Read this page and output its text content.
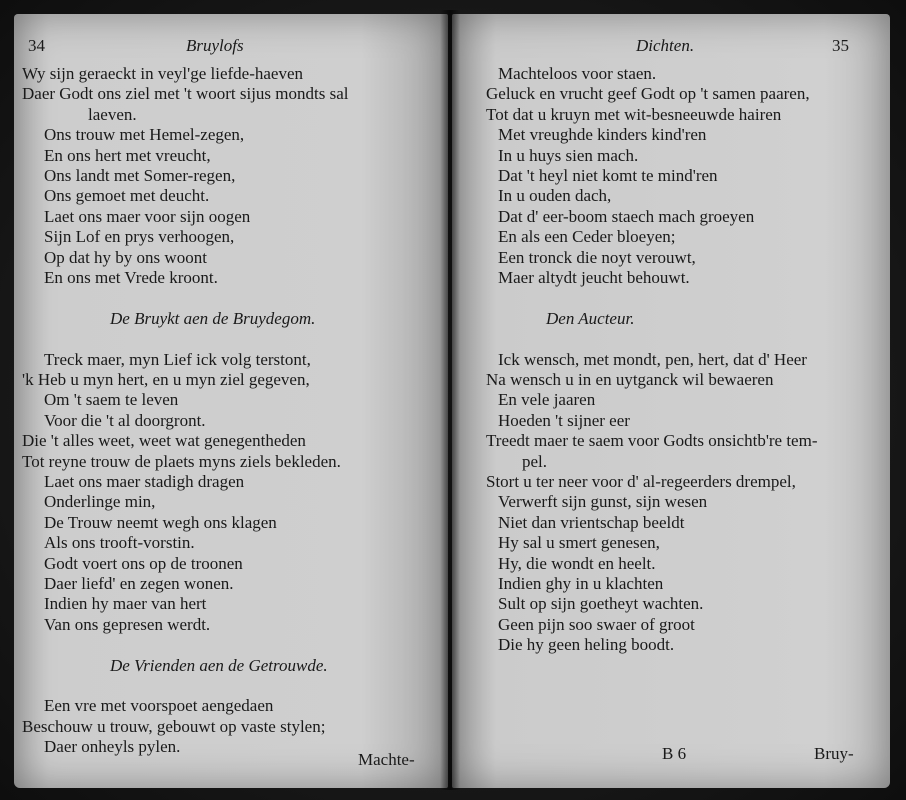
34	Bruylofs
Wy sijn geraeckt in veyl'ge liefde-haeven
Daer Godt ons ziel met 't woort sijus mondts sal
laeven.
Ons trouw met Hemel-zegen,
En ons hert met vreucht,
Ons landt met Somer-regen,
Ons gemoet met deucht.
Laet ons maer voor sijn oogen
Sijn Lof en prys verhoogen,
Op dat hy by ons woont
En ons met Vrede kroont.
De Bruykt aen de Bruydegom.
Treck maer, myn Lief ick volg terstont,
'k Heb u myn hert, en u myn ziel gegeven,
Om 't saem te leven
Voor die 't al doorgront.
Die 't alles weet, weet wat genegentheden
Tot reyne trouw de plaets myns ziels bekleden.
Laet ons maer stadigh dragen
Onderlinge min,
De Trouw neemt wegh ons klagen
Als ons trooft-vorstin.
Godt voert ons op de troonen
Daer liefd' en zegen wonen.
Indien hy maer van hert
Van ons gepresen werdt.
De Vrienden aen de Getrouwde.
Een vre met voorspoet aengedaen
Beschouw u trouw, gebouwt op vaste stylen;
Daer onheyls pylen.
Machte-
Dichten.	35
Machteloos voor staen.
Geluck en vrucht geef Godt op 't samen paaren,
Tot dat u kruyn met wit-besneeuwde hairen
Met vreughde kinders kind'ren
In u huys sien mach.
Dat 't heyl niet komt te mind'ren
In u ouden dach,
Dat d' eer-boom staech mach groeyen
En als een Ceder bloeyen;
Een tronck die noyt verouwt,
Maer altydt jeucht behouwt.
Den Aucteur.
Ick wensch, met mondt, pen, hert, dat d' Heer
Na wensch u in en uytganck wil bewaeren
En vele jaaren
Hoeden 't sijner eer
Treedt maer te saem voor Godts onsichtb're tem-
pel.
Stort u ter neer voor d' al-regeerders drempel,
Verwerft sijn gunst, sijn wesen
Niet dan vrientschap beeldt
Hy sal u smert genesen,
Hy, die wondt en heelt.
Indien ghy in u klachten
Sult op sijn goetheyt wachten.
Geen pijn soo swaer of groot
Die hy geen heling boodt.
B 6	Bruy-
